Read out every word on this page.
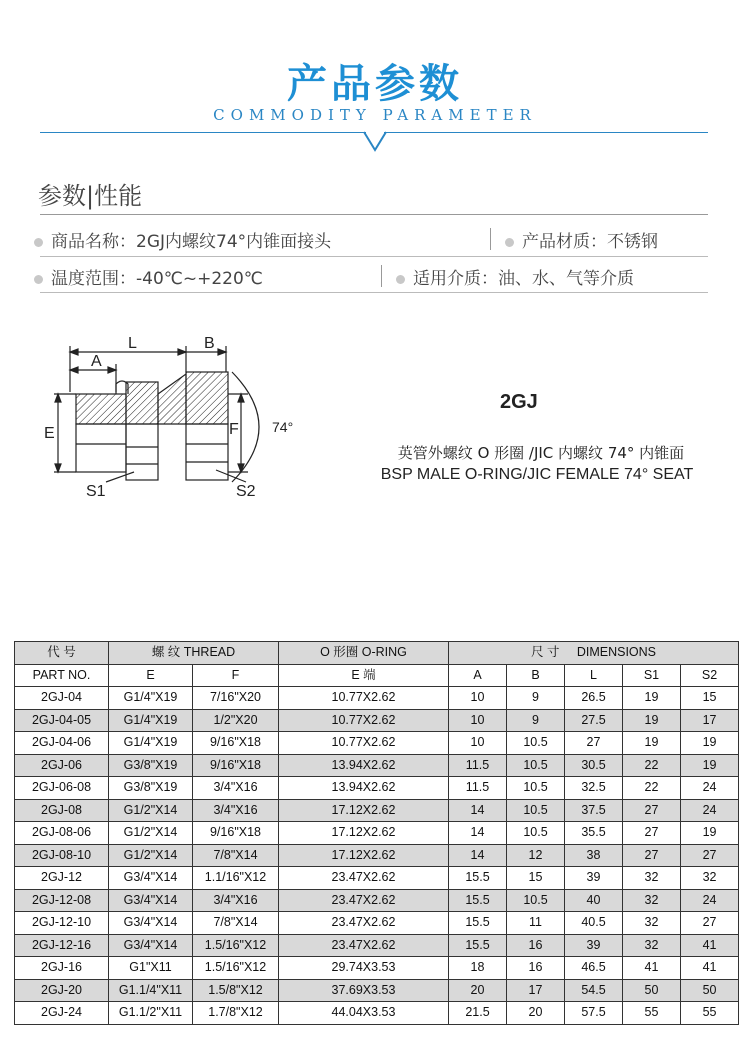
产品参数
COMMODITY PARAMETER
参数|性能
商品名称：2GJ内螺纹74°内锥面接头	产品材质：不锈钢
温度范围：-40℃~+220℃	适用介质：油、水、气等介质
L	B
A
E	F
S1	S2
74°
2GJ
英管外螺纹 O 形圈 /JIC 内螺纹 74° 内锥面
BSP MALE O-RING/JIC FEMALE 74° SEAT
代 号	螺 纹 THREAD		O 形圈 O-RING	尺 寸 DIMENSIONS				
PART NO.	E	F	E 端	A	B	L	S1	S2
2GJ-04	G1/4"X19	7/16"X20	10.77X2.62	10	9	26.5	19	15
2GJ-04-05	G1/4"X19	1/2"X20	10.77X2.62	10	9	27.5	19	17
2GJ-04-06	G1/4"X19	9/16"X18	10.77X2.62	10	10.5	27	19	19
2GJ-06	G3/8"X19	9/16"X18	13.94X2.62	11.5	10.5	30.5	22	19
2GJ-06-08	G3/8"X19	3/4"X16	13.94X2.62	11.5	10.5	32.5	22	24
2GJ-08	G1/2"X14	3/4"X16	17.12X2.62	14	10.5	37.5	27	24
2GJ-08-06	G1/2"X14	9/16"X18	17.12X2.62	14	10.5	35.5	27	19
2GJ-08-10	G1/2"X14	7/8"X14	17.12X2.62	14	12	38	27	27
2GJ-12	G3/4"X14	1.1/16"X12	23.47X2.62	15.5	15	39	32	32
2GJ-12-08	G3/4"X14	3/4"X16	23.47X2.62	15.5	10.5	40	32	24
2GJ-12-10	G3/4"X14	7/8"X14	23.47X2.62	15.5	11	40.5	32	27
2GJ-12-16	G3/4"X14	1.5/16"X12	23.47X2.62	15.5	16	39	32	41
2GJ-16	G1"X11	1.5/16"X12	29.74X3.53	18	16	46.5	41	41
2GJ-20	G1.1/4"X11	1.5/8"X12	37.69X3.53	20	17	54.5	50	50
2GJ-24	G1.1/2"X11	1.7/8"X12	44.04X3.53	21.5	20	57.5	55	55
